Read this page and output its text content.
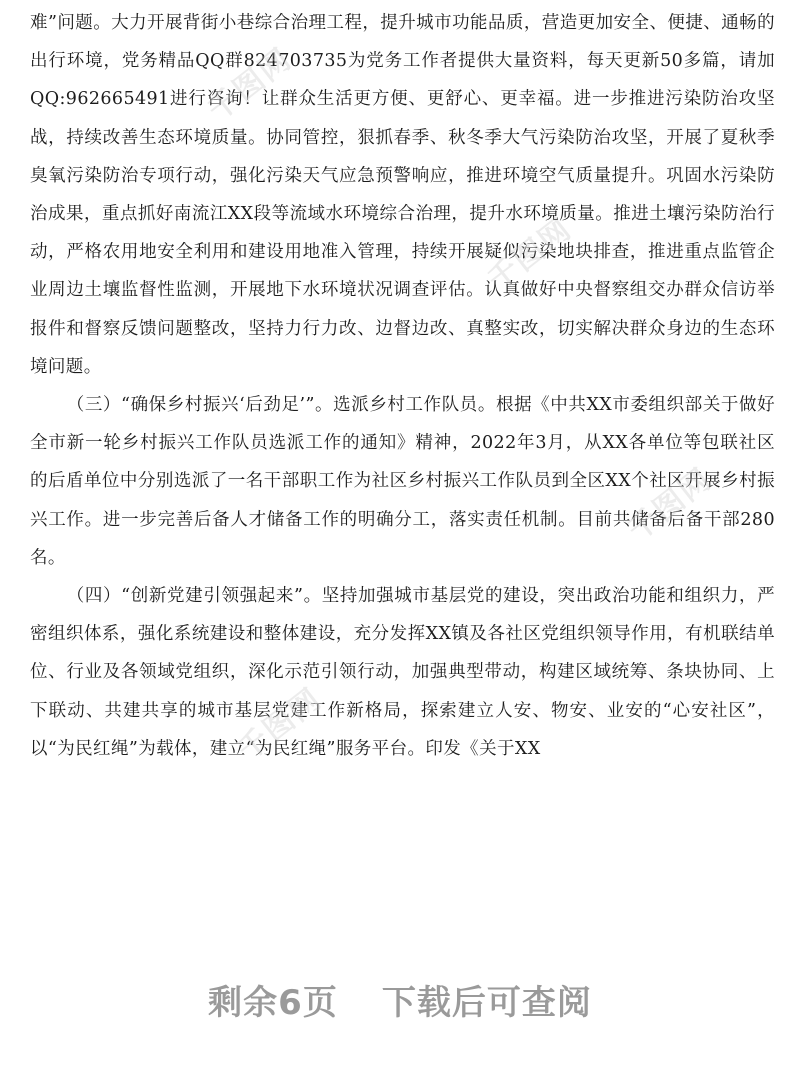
难”问题。大力开展背街小巷综合治理工程，提升城市功能品质，营造更加安全、便捷、通畅的出行环境，党务精品QQ群824703735为党务工作者提供大量资料，每天更新50多篇，请加QQ:962665491进行咨询！让群众生活更方便、更舒心、更幸福。进一步推进污染防治攻坚战，持续改善生态环境质量。协同管控，狠抓春季、秋冬季大气污染防治攻坚，开展了夏秋季臭氧污染防治专项行动，强化污染天气应急预警响应，推进环境空气质量提升。巩固水污染防治成果，重点抓好南流江XX段等流域水环境综合治理，提升水环境质量。推进土壤污染防治行动，严格农用地安全利用和建设用地准入管理，持续开展疑似污染地块排查，推进重点监管企业周边土壤监督性监测，开展地下水环境状况调查评估。认真做好中央督察组交办群众信访举报件和督察反馈问题整改，坚持力行力改、边督边改、真整实改，切实解决群众身边的生态环境问题。

（三）“确保乡村振兴‘后劲足’”。选派乡村工作队员。根据《中共XX市委组织部关于做好全市新一轮乡村振兴工作队员选派工作的通知》精神，2022年3月，从XX各单位等包联社区的后盾单位中分别选派了一名干部职工作为社区乡村振兴工作队员到全区XX个社区开展乡村振兴工作。进一步完善后备人才储备工作的明确分工，落实责任机制。目前共储备后备干部280名。

（四）“创新党建引领强起来”。坚持加强城市基层党的建设，突出政治功能和组织力，严密组织体系，强化系统建设和整体建设，充分发挥XX镇及各社区党组织领导作用，有机联结单位、行业及各领域党组织，深化示范引领行动，加强典型带动，构建区域统筹、条块协同、上下联动、共建共享的城市基层党建工作新格局，探索建立人安、物安、业安的“心安社区”，以“为民红绳”为载体，建立“为民红绳”服务平台。印发《关于XX

千图网
千图网
千图网
千图网
剩余6页 下载后可查阅
